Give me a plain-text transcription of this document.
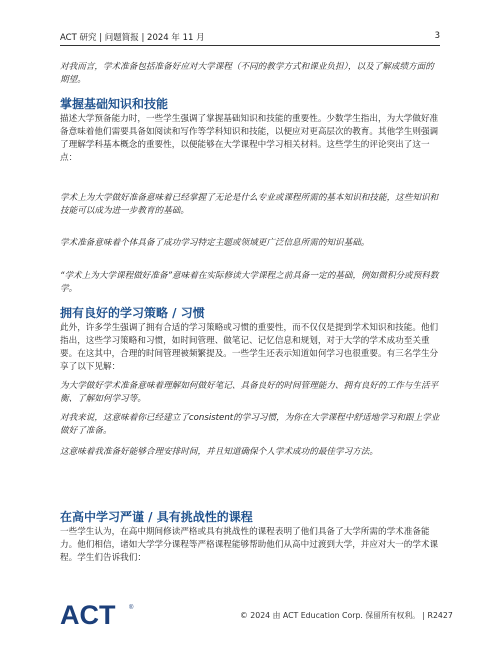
ACT 研究 | 问题简报 | 2024 年 11 月	3

对我而言，学术准备包括准备好应对大学课程（不同的教学方式和课业负担），以及了解成绩方面的期望。

掌握基础知识和技能

描述大学预备能力时，一些学生强调了掌握基础知识和技能的重要性。少数学生指出，为大学做好准备意味着他们需要具备如阅读和写作等学科知识和技能，以便应对更高层次的教育。其他学生则强调了理解学科基本概念的重要性，以便能够在大学课程中学习相关材料。这些学生的评论突出了这一点：

学术上为大学做好准备意味着已经掌握了无论是什么专业或课程所需的基本知识和技能，这些知识和技能可以成为进一步教育的基础。

学术准备意味着个体具备了成功学习特定主题或领域更广泛信息所需的知识基础。

“学术上为大学课程做好准备”意味着在实际修读大学课程之前具备一定的基础，例如微积分或预科数学。

拥有良好的学习策略 / 习惯

此外，许多学生强调了拥有合适的学习策略或习惯的重要性，而不仅仅是提到学术知识和技能。他们指出，这些学习策略和习惯，如时间管理、做笔记、记忆信息和规划，对于大学的学术成功至关重要。在这其中，合理的时间管理被频繁提及。一些学生还表示知道如何学习也很重要。有三名学生分享了以下见解：

为大学做好学术准备意味着理解如何做好笔记、具备良好的时间管理能力、拥有良好的工作与生活平衡、了解如何学习等。

对我来说，这意味着你已经建立了consistent的学习习惯，为你在大学课程中舒适地学习和跟上学业做好了准备。

这意味着我准备好能够合理安排时间，并且知道确保个人学术成功的最佳学习方法。

在高中学习严谨 / 具有挑战性的课程

一些学生认为，在高中期间修读严格或具有挑战性的课程表明了他们具备了大学所需的学术准备能力。他们相信，诸如大学学分课程等严格课程能够帮助他们从高中过渡到大学，并应对大一的学术课程。学生们告诉我们：

ACT ®
© 2024 由 ACT Education Corp. 保留所有权利。 | R2427
